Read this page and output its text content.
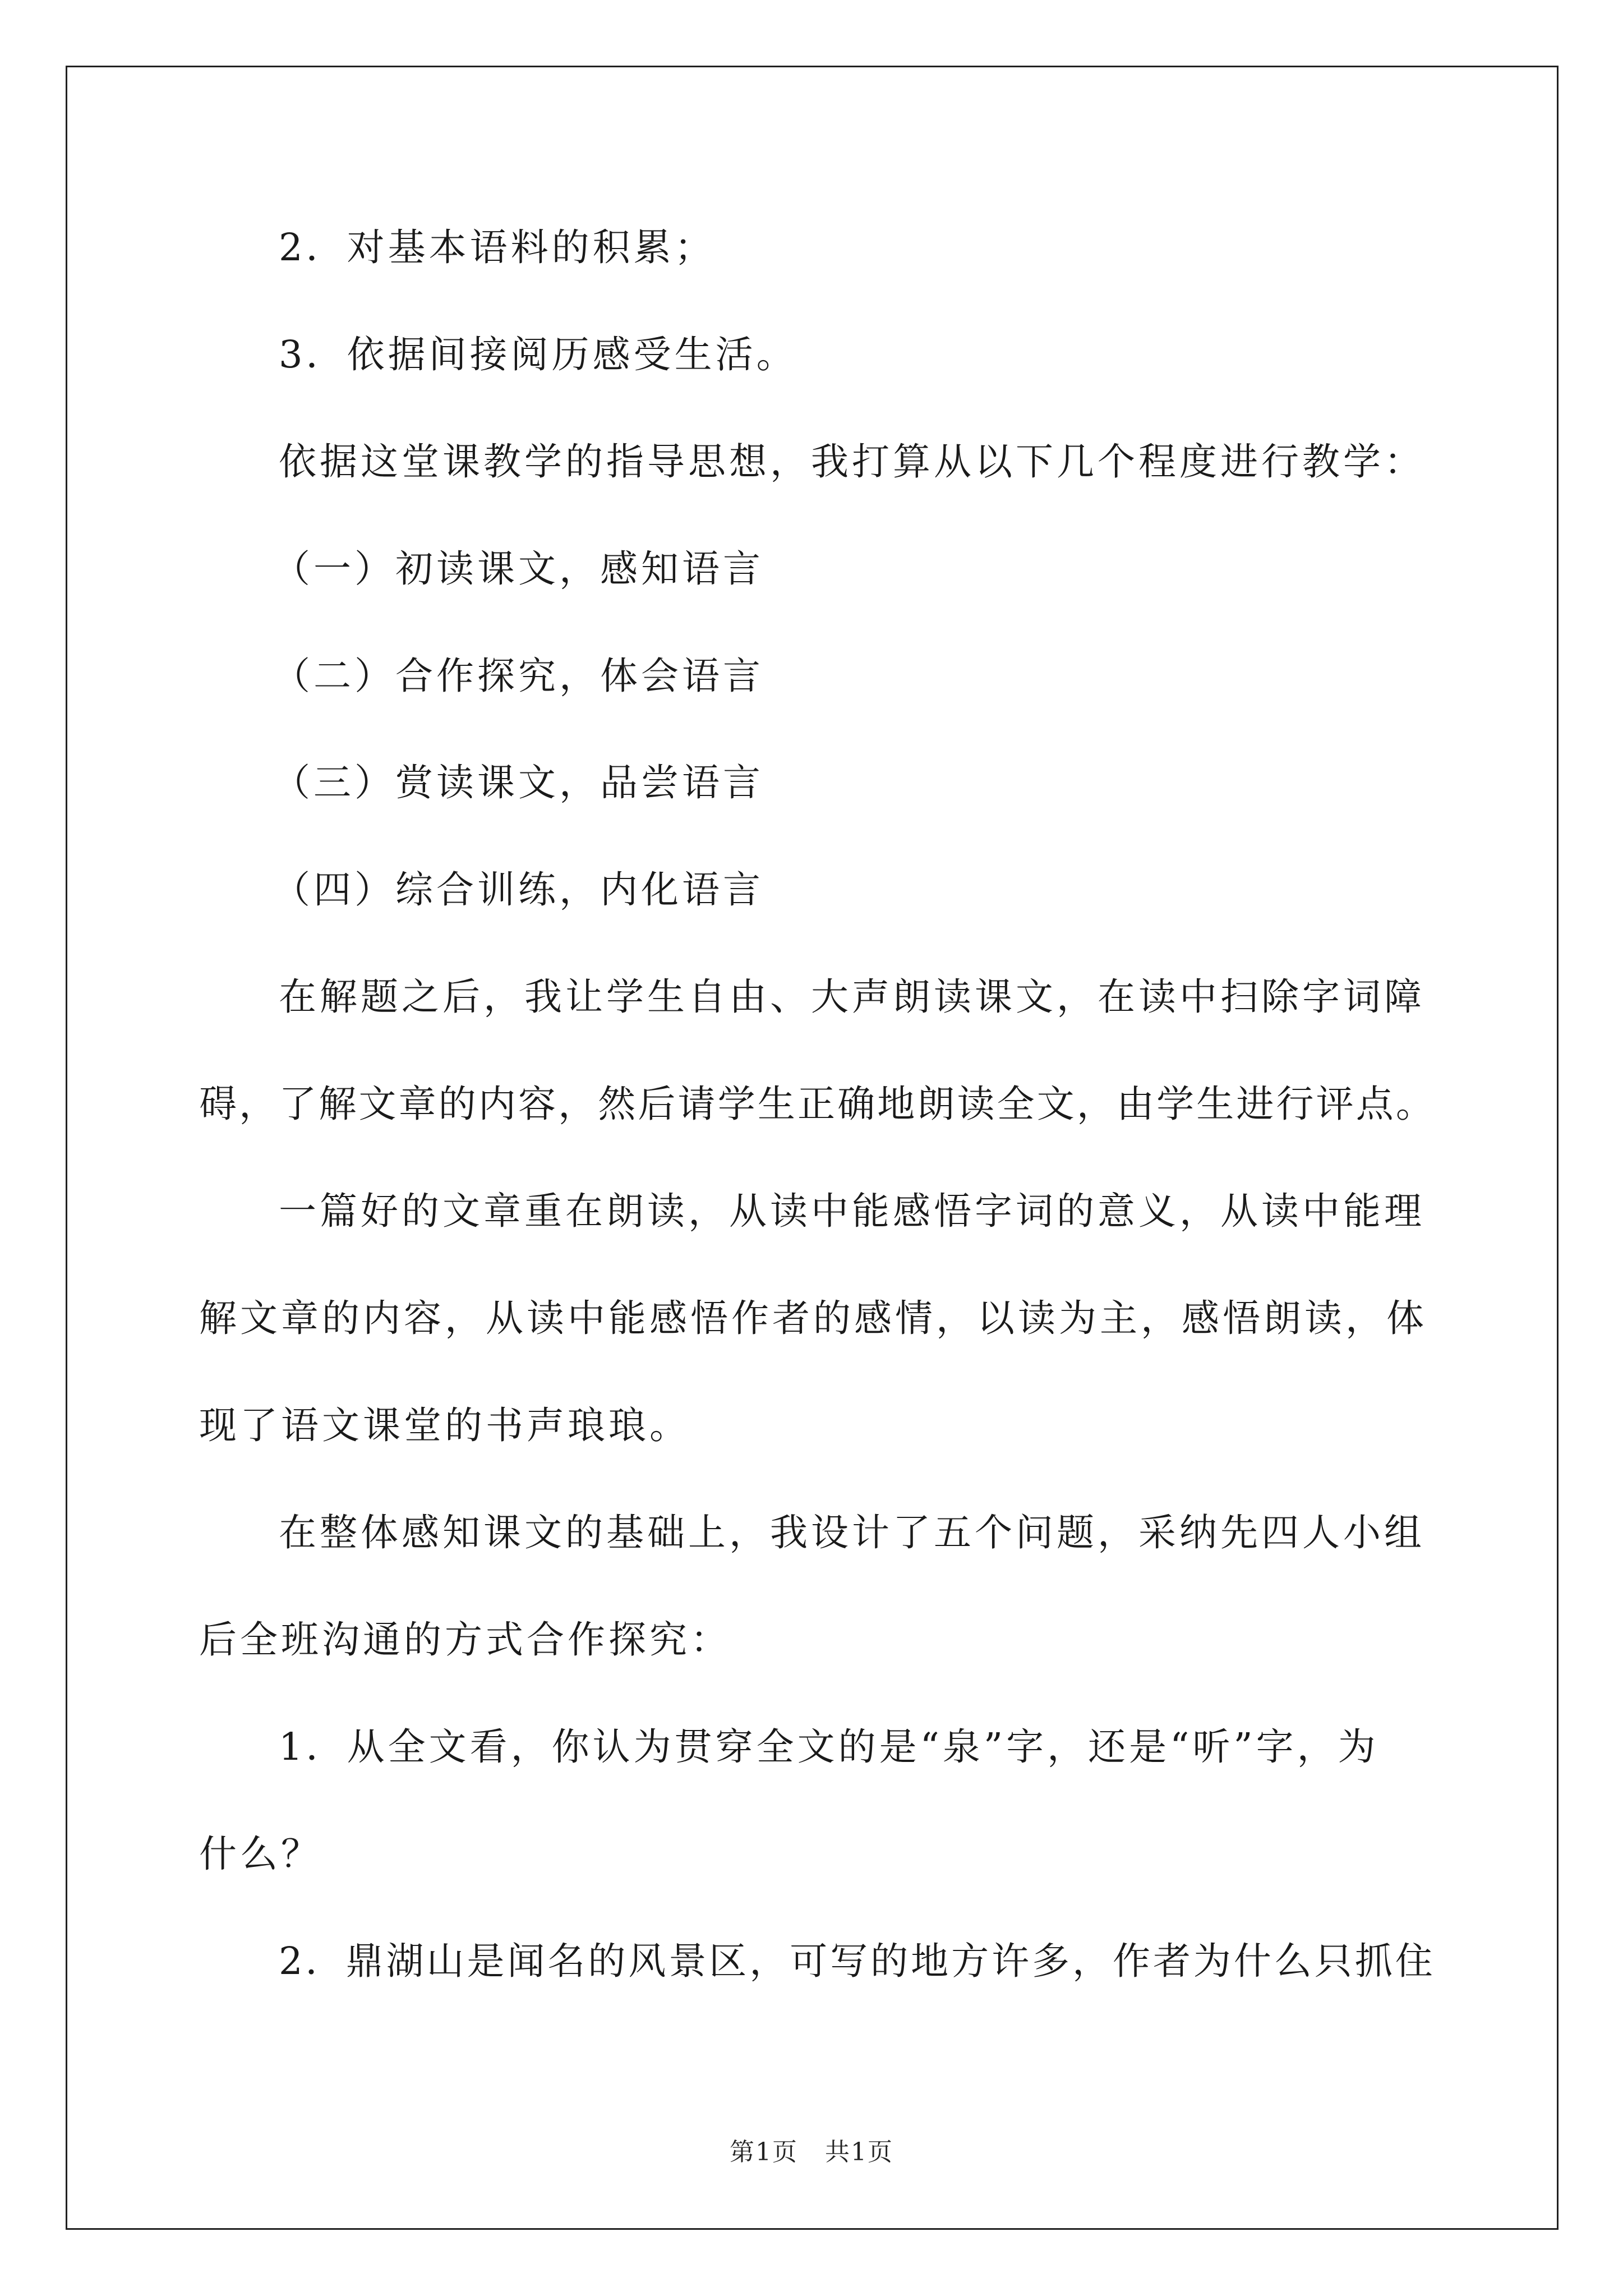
2．对基本语料的积累；
3．依据间接阅历感受生活。
依据这堂课教学的指导思想，我打算从以下几个程度进行教学：
（一）初读课文，感知语言
（二）合作探究，体会语言
（三）赏读课文，品尝语言
（四）综合训练，内化语言
在解题之后，我让学生自由、大声朗读课文，在读中扫除字词障
碍，了解文章的内容，然后请学生正确地朗读全文，由学生进行评点。
一篇好的文章重在朗读，从读中能感悟字词的意义，从读中能理
解文章的内容，从读中能感悟作者的感情，以读为主，感悟朗读，体
现了语文课堂的书声琅琅。
在整体感知课文的基础上，我设计了五个问题，采纳先四人小组
后全班沟通的方式合作探究：
1．从全文看，你认为贯穿全文的是“泉”字，还是“听”字，为
什么？
2．鼎湖山是闻名的风景区，可写的地方许多，作者为什么只抓住
第1页 共1页
